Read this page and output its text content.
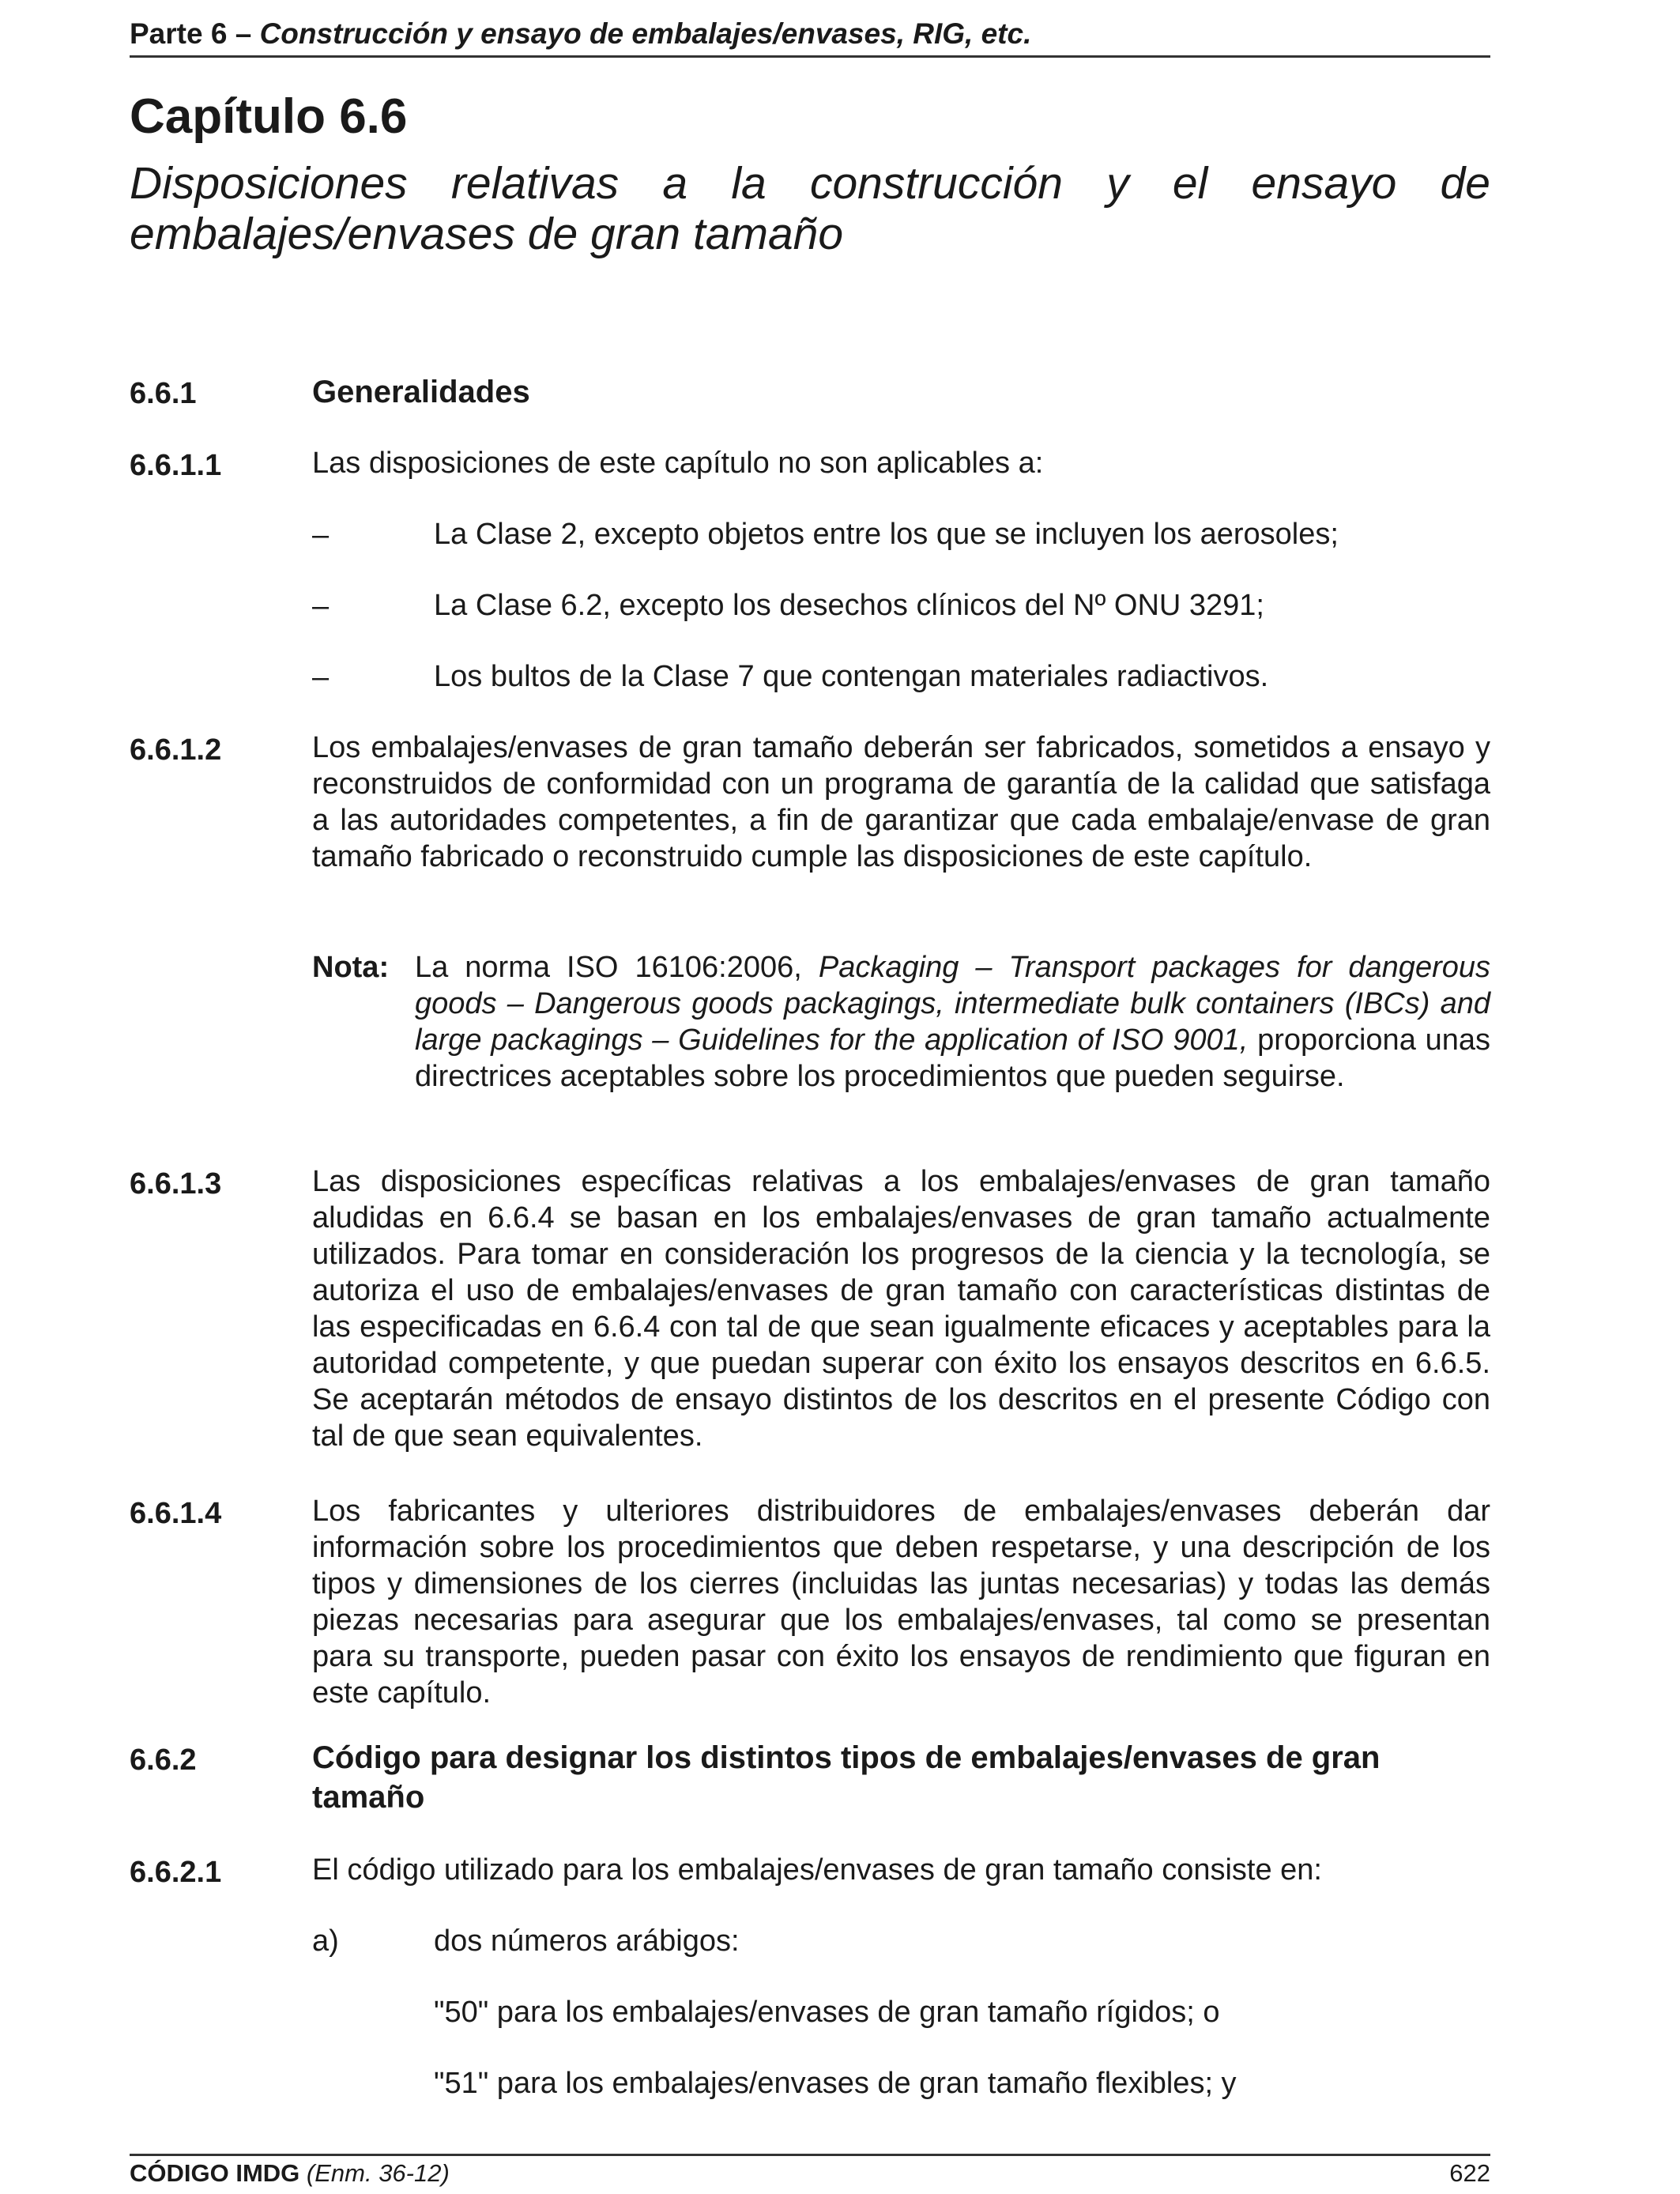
Parte 6 – Construcción y ensayo de embalajes/envases, RIG, etc.
Capítulo 6.6
Disposiciones relativas a la construcción y el ensayo de embalajes/envases de gran tamaño
6.6.1	Generalidades
6.6.1.1	Las disposiciones de este capítulo no son aplicables a:
–	La Clase 2, excepto objetos entre los que se incluyen los aerosoles;
–	La Clase 6.2, excepto los desechos clínicos del Nº ONU 3291;
–	Los bultos de la Clase 7 que contengan materiales radiactivos.
6.6.1.2	Los embalajes/envases de gran tamaño deberán ser fabricados, sometidos a ensayo y reconstruidos de conformidad con un programa de garantía de la calidad que satisfaga a las autoridades competentes, a fin de garantizar que cada embalaje/envase de gran tamaño fabricado o reconstruido cumple las disposiciones de este capítulo.
Nota: La norma ISO 16106:2006, Packaging – Transport packages for dangerous goods – Dangerous goods packagings, intermediate bulk containers (IBCs) and large packagings – Guidelines for the application of ISO 9001, proporciona unas directrices aceptables sobre los procedimientos que pueden seguirse.
6.6.1.3	Las disposiciones específicas relativas a los embalajes/envases de gran tamaño aludidas en 6.6.4 se basan en los embalajes/envases de gran tamaño actualmente utilizados. Para tomar en consideración los progresos de la ciencia y la tecnología, se autoriza el uso de embalajes/envases de gran tamaño con características distintas de las especificadas en 6.6.4 con tal de que sean igualmente eficaces y aceptables para la autoridad competente, y que puedan superar con éxito los ensayos descritos en 6.6.5. Se aceptarán métodos de ensayo distintos de los descritos en el presente Código con tal de que sean equivalentes.
6.6.1.4	Los fabricantes y ulteriores distribuidores de embalajes/envases deberán dar información sobre los procedimientos que deben respetarse, y una descripción de los tipos y dimensiones de los cierres (incluidas las juntas necesarias) y todas las demás piezas necesarias para asegurar que los embalajes/envases, tal como se presentan para su transporte, pueden pasar con éxito los ensayos de rendimiento que figuran en este capítulo.
6.6.2	Código para designar los distintos tipos de embalajes/envases de gran tamaño
6.6.2.1	El código utilizado para los embalajes/envases de gran tamaño consiste en:
a)	dos números arábigos:
"50" para los embalajes/envases de gran tamaño rígidos; o
"51" para los embalajes/envases de gran tamaño flexibles; y
CÓDIGO IMDG (Enm. 36-12)	622
